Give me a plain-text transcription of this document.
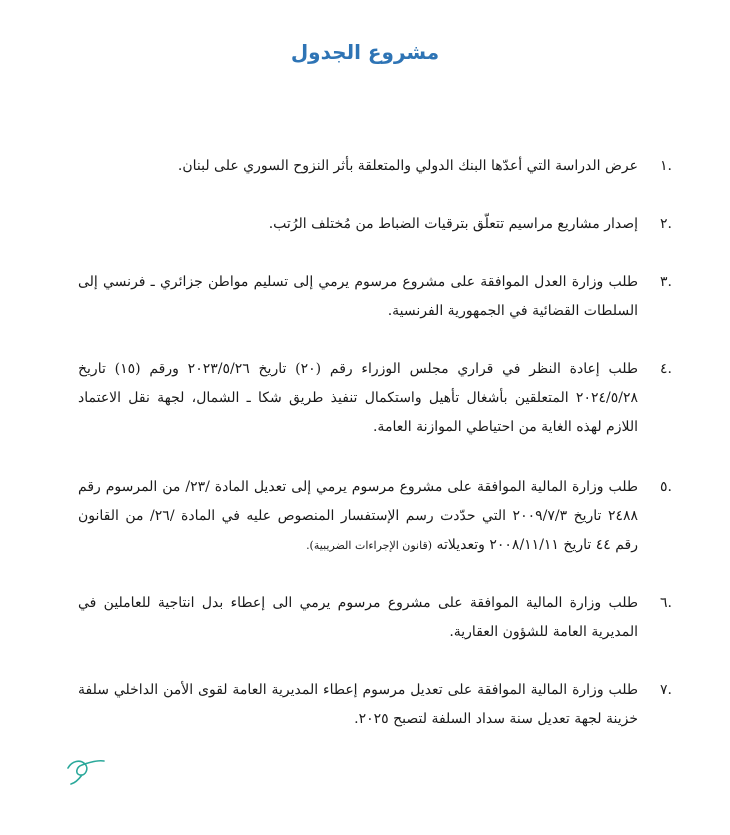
مشروع الجدول
.١
عرض الدراسة التي أعدّها البنك الدولي والمتعلقة بأثر النزوح السوري على لبنان.
.٢
إصدار مشاريع مراسيم تتعلّق بترقيات الضباط من مُختلف الرُتب.
.٣
طلب وزارة العدل الموافقة على مشروع مرسوم يرمي إلى تسليم مواطن جزائري ـ فرنسي إلى السلطات القضائية في الجمهورية الفرنسية.
.٤
طلب إعادة النظر في قراري مجلس الوزراء رقم (٢٠) تاريخ ٢٠٢٣/٥/٢٦ ورقم (١٥) تاريخ ٢٠٢٤/٥/٢٨ المتعلقين بأشغال تأهيل واستكمال تنفيذ طريق شكا ـ الشمال، لجهة نقل الاعتماد اللازم لهذه الغاية من احتياطي الموازنة العامة.
.٥
طلب وزارة المالية الموافقة على مشروع مرسوم يرمي إلى تعديل المادة /٢٣/ من المرسوم رقم ٢٤٨٨ تاريخ ٢٠٠٩/٧/٣ التي حدّدت رسم الإستفسار المنصوص عليه في المادة /٢٦/ من القانون رقم ٤٤ تاريخ ٢٠٠٨/١١/١١ وتعديلاته (قانون الإجراءات الضريبية).
.٦
طلب وزارة المالية الموافقة على مشروع مرسوم يرمي الى إعطاء بدل انتاجية للعاملين في المديرية العامة للشؤون العقارية.
.٧
طلب وزارة المالية الموافقة على تعديل مرسوم إعطاء المديرية العامة لقوى الأمن الداخلي سلفة خزينة لجهة تعديل سنة سداد السلفة لتصبح ٢٠٢٥.
